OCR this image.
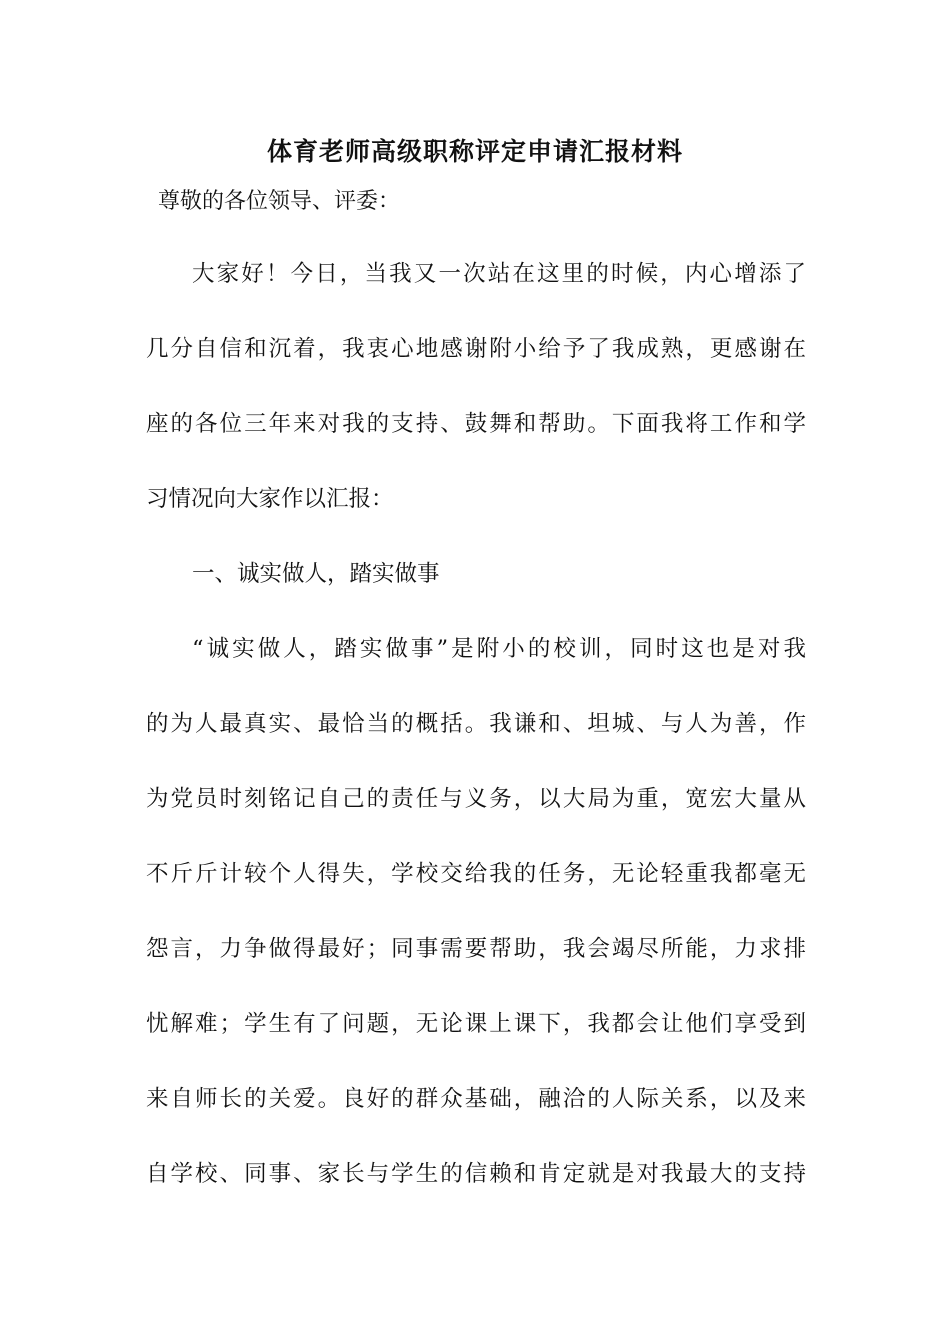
体育老师高级职称评定申请汇报材料
尊敬的各位领导、评委：
大家好！今日，当我又一次站在这里的时候，内心增添了
几分自信和沉着，我衷心地感谢附小给予了我成熟，更感谢在
座的各位三年来对我的支持、鼓舞和帮助。下面我将工作和学
习情况向大家作以汇报：
一、诚实做人，踏实做事
“诚实做人，踏实做事”是附小的校训，同时这也是对我
的为人最真实、最恰当的概括。我谦和、坦城、与人为善，作
为党员时刻铭记自己的责任与义务，以大局为重，宽宏大量从
不斤斤计较个人得失，学校交给我的任务，无论轻重我都毫无
怨言，力争做得最好；同事需要帮助，我会竭尽所能，力求排
忧解难；学生有了问题，无论课上课下，我都会让他们享受到
来自师长的关爱。良好的群众基础，融洽的人际关系，以及来
自学校、同事、家长与学生的信赖和肯定就是对我最大的支持
